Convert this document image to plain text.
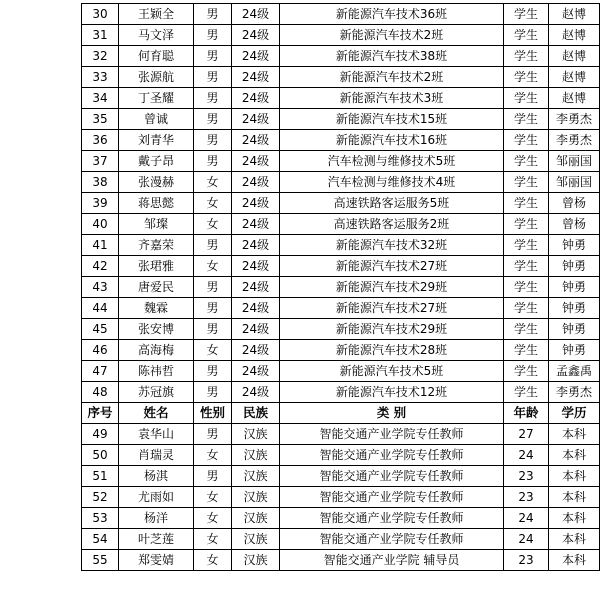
30	王颖全	男	24级	新能源汽车技术36班	学生	赵博
31	马文泽	男	24级	新能源汽车技术2班	学生	赵博
32	何育聪	男	24级	新能源汽车技术38班	学生	赵博
33	张源航	男	24级	新能源汽车技术2班	学生	赵博
34	丁圣耀	男	24级	新能源汽车技术3班	学生	赵博
35	曾诚	男	24级	新能源汽车技术15班	学生	李勇杰
36	刘青华	男	24级	新能源汽车技术16班	学生	李勇杰
37	戴子昂	男	24级	汽车检测与维修技术5班	学生	邹丽国
38	张漫赫	女	24级	汽车检测与维修技术4班	学生	邹丽国
39	蒋思懿	女	24级	高速铁路客运服务5班	学生	曾杨
40	邹璨	女	24级	高速铁路客运服务2班	学生	曾杨
41	齐嘉荣	男	24级	新能源汽车技术32班	学生	钟勇
42	张珺雅	女	24级	新能源汽车技术27班	学生	钟勇
43	唐爱民	男	24级	新能源汽车技术29班	学生	钟勇
44	魏霖	男	24级	新能源汽车技术27班	学生	钟勇
45	张安博	男	24级	新能源汽车技术29班	学生	钟勇
46	高海梅	女	24级	新能源汽车技术28班	学生	钟勇
47	陈祎哲	男	24级	新能源汽车技术5班	学生	孟鑫禹
48	苏冠旗	男	24级	新能源汽车技术12班	学生	李勇杰
序号	姓名	性别	民族	类 别	年龄	学历
49	袁华山	男	汉族	智能交通产业学院专任教师	27	本科
50	肖瑞灵	女	汉族	智能交通产业学院专任教师	24	本科
51	杨淇	男	汉族	智能交通产业学院专任教师	23	本科
52	尤雨如	女	汉族	智能交通产业学院专任教师	23	本科
53	杨洋	女	汉族	智能交通产业学院专任教师	24	本科
54	叶芝莲	女	汉族	智能交通产业学院专任教师	24	本科
55	郑雯婧	女	汉族	智能交通产业学院 辅导员	23	本科
